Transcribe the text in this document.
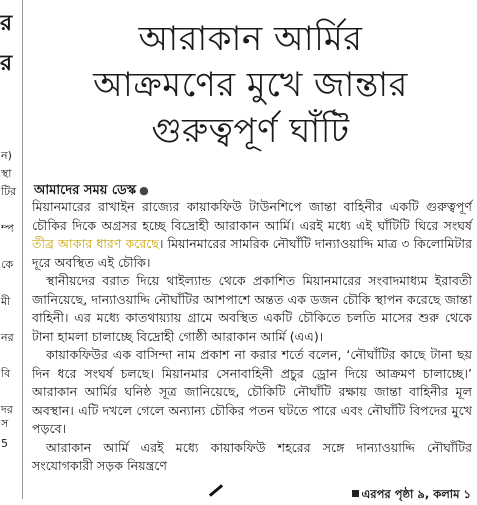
র
র
ন)
স্থা
টির
ম্প
কে
মী
নর
বি
দর
স
5
আরাকান আর্মির
আক্রমণের মুখে জান্তার
গুরুত্বপূর্ণ ঘাঁটি
আমাদের সময় ডেস্ক ●

মিয়ানমারের রাখাইন রাজ্যের কায়াকফিউ টাউনশিপে জান্তা বাহিনীর একটি গুরুত্বপূর্ণ চৌকির দিকে অগ্রসর হচ্ছে বিদ্রোহী আরাকান আর্মি। এরই মধ্যে এই ঘাঁটিটি ঘিরে সংঘর্ষ তীব্র আকার ধারণ করেছে। মিয়ানমারের সামরিক নৌঘাঁটি দান্যাওয়াদ্দি মাত্র ৩ কিলোমিটার দূরে অবস্থিত এই চৌকি।

স্থানীয়দের বরাত দিয়ে থাইল্যান্ড থেকে প্রকাশিত মিয়ানমারের সংবাদমাধ্যম ইরাবতী জানিয়েছে, দান্যাওয়াদ্দি নৌঘাঁটির আশপাশে অন্তত এক ডজন চৌকি স্থাপন করেছে জান্তা বাহিনী। এর মধ্যে কাতথায়্যায় গ্রামে অবস্থিত একটি চৌকিতে চলতি মাসের শুরু থেকে টানা হামলা চালাচ্ছে বিদ্রোহী গোষ্ঠী আরাকান আর্মি (এএ)।

কায়াকফিউর এক বাসিন্দা নাম প্রকাশ না করার শর্তে বলেন, ‘নৌঘাঁটির কাছে টানা ছয় দিন ধরে সংঘর্ষ চলছে। মিয়ানমার সেনাবাহিনী প্রচুর ড্রোন দিয়ে আক্রমণ চালাচ্ছে।’ আরাকান আর্মির ঘনিষ্ঠ সূত্র জানিয়েছে, চৌকিটি নৌঘাঁটি রক্ষায় জান্তা বাহিনীর মূল অবস্থান। এটি দখলে গেলে অন্যান্য চৌকির পতন ঘটতে পারে এবং নৌঘাঁটি বিপদের মুখে পড়বে।

আরাকান আর্মি এরই মধ্যে কায়াকফিউ শহরের সঙ্গে দান্যাওয়াদ্দি নৌঘাঁটির সংযোগকারী সড়ক নিয়ন্ত্রণে

এরপর পৃষ্ঠা ৯, কলাম ১
